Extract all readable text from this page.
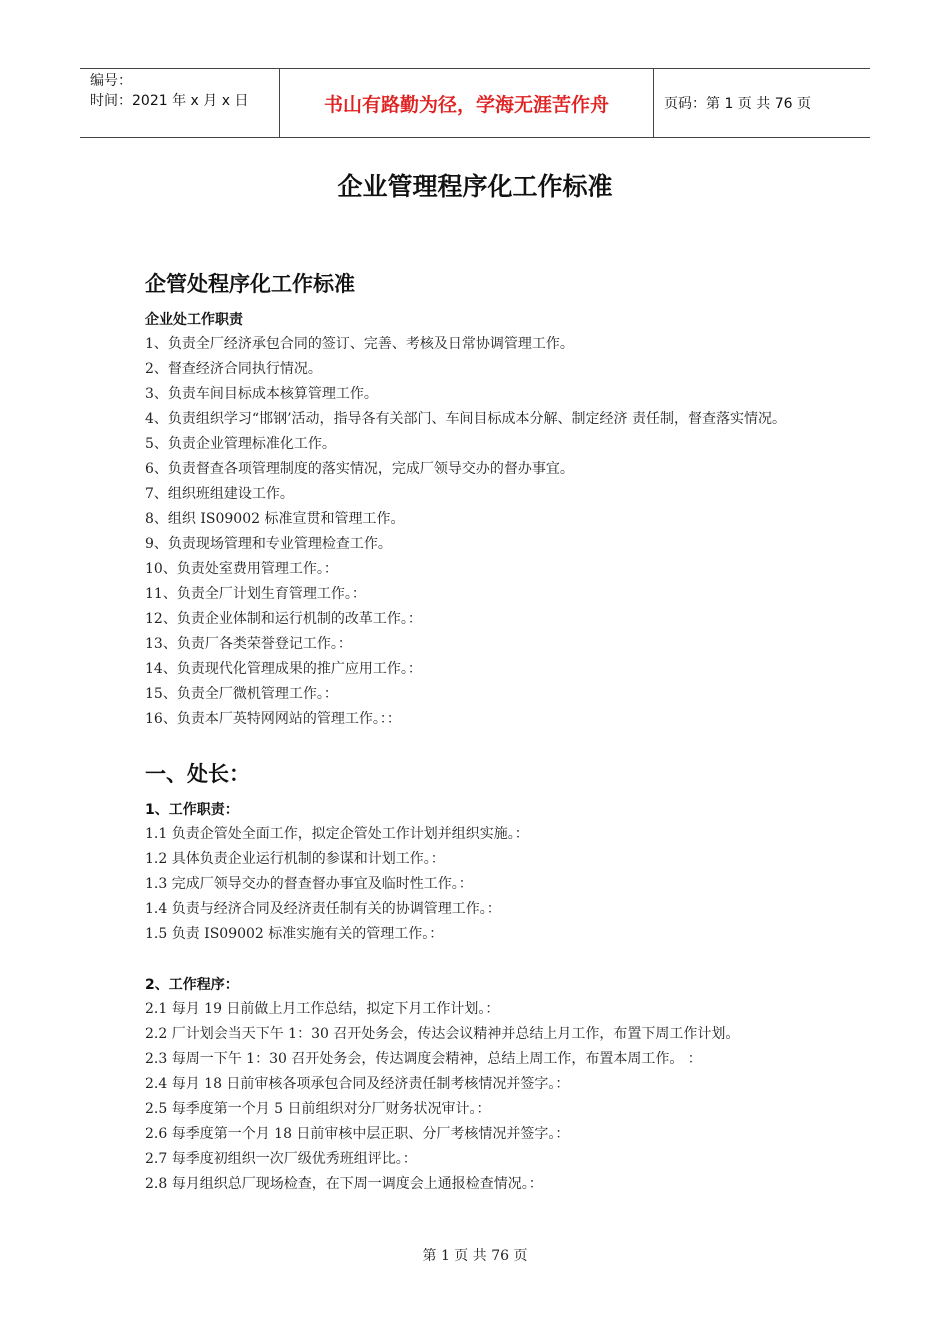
编号：
时间：2021 年 x 月 x 日	书山有路勤为径，学海无涯苦作舟	页码：第 1 页 共 76 页
企业管理程序化工作标准
企管处程序化工作标准
企业处工作职责
1、负责全厂经济承包合同的签订、完善、考核及日常协调管理工作。
2、督查经济合同执行情况。
3、负责车间目标成本核算管理工作。
4、负责组织学习“邯钢’活动，指导各有关部门、车间目标成本分解、制定经济 责任制，督查落实情况。
5、负责企业管理标准化工作。
6、负责督查各项管理制度的落实情况，完成厂领导交办的督办事宜。
7、组织班组建设工作。
8、组织 IS09002 标准宣贯和管理工作。
9、负责现场管理和专业管理检查工作。
10、负责处室费用管理工作。：
11、负责全厂计划生育管理工作。：
12、负责企业体制和运行机制的改革工作。：
13、负责厂各类荣誉登记工作。：
14、负责现代化管理成果的推广应用工作。：
15、负责全厂微机管理工作。：
16、负责本厂英特网网站的管理工作。：：
一、处长：
1、工作职责：
1.1 负责企管处全面工作，拟定企管处工作计划并组织实施。：
1.2 具体负责企业运行机制的参谋和计划工作。：
1.3 完成厂领导交办的督查督办事宜及临时性工作。：
1.4 负责与经济合同及经济责任制有关的协调管理工作。：
1.5 负责 IS09002 标准实施有关的管理工作。：
2、工作程序：
2.1 每月 19 日前做上月工作总结，拟定下月工作计划。：
2.2 厂计划会当天下午 1：30 召开处务会，传达会议精神并总结上月工作，布置下周工作计划。
2.3 每周一下午 1：30 召开处务会，传达调度会精神，总结上周工作，布置本周工作。 ：
2.4 每月 18 日前审核各项承包合同及经济责任制考核情况并签字。：
2.5 每季度第一个月 5 日前组织对分厂财务状况审计。：
2.6 每季度第一个月 18 日前审核中层正职、分厂考核情况并签字。：
2.7 每季度初组织一次厂级优秀班组评比。：
2.8 每月组织总厂现场检查，在下周一调度会上通报检查情况。：
第 1 页 共 76 页
